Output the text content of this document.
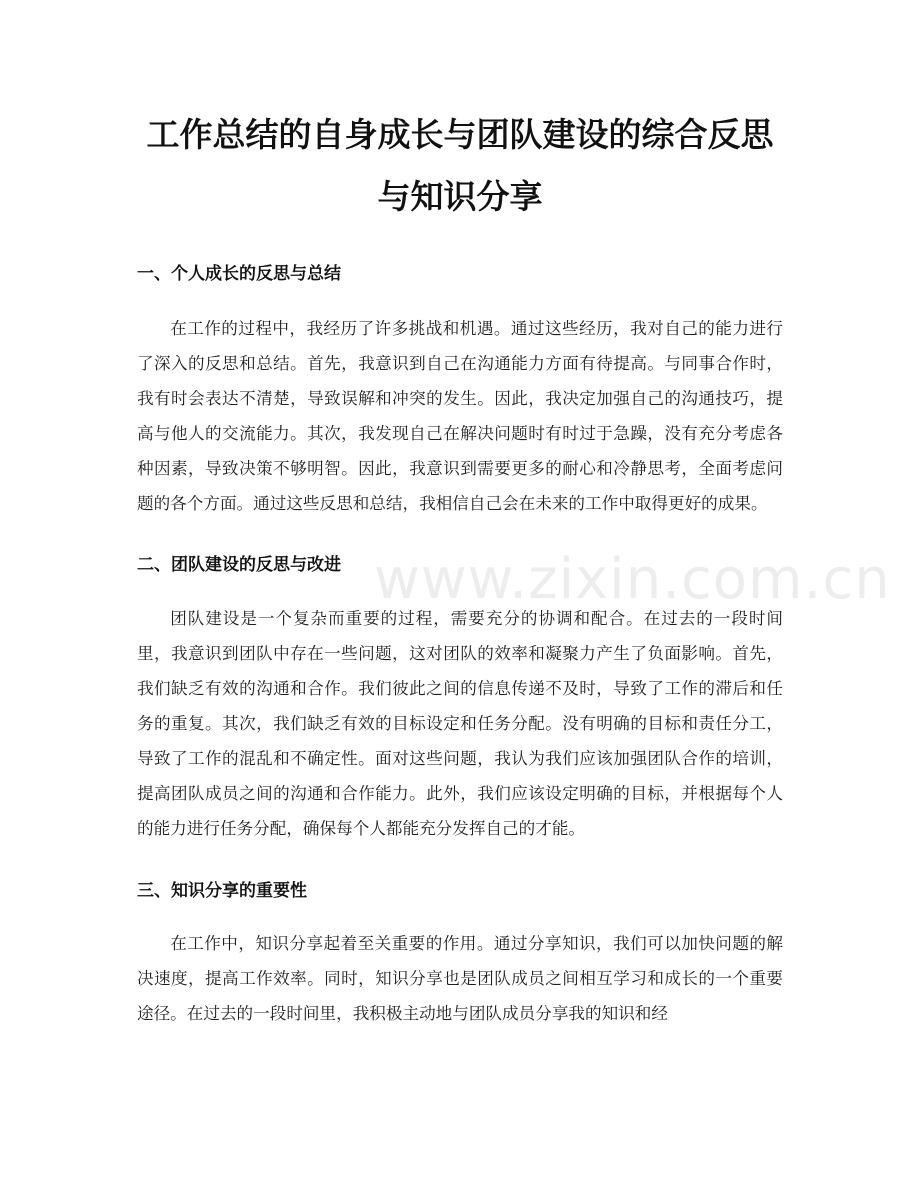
工作总结的自身成长与团队建设的综合反思与知识分享
一、个人成长的反思与总结

在工作的过程中，我经历了许多挑战和机遇。通过这些经历，我对自己的能力进行了深入的反思和总结。首先，我意识到自己在沟通能力方面有待提高。与同事合作时，我有时会表达不清楚，导致误解和冲突的发生。因此，我决定加强自己的沟通技巧，提高与他人的交流能力。其次，我发现自己在解决问题时有时过于急躁，没有充分考虑各种因素，导致决策不够明智。因此，我意识到需要更多的耐心和冷静思考，全面考虑问题的各个方面。通过这些反思和总结，我相信自己会在未来的工作中取得更好的成果。

二、团队建设的反思与改进

团队建设是一个复杂而重要的过程，需要充分的协调和配合。在过去的一段时间里，我意识到团队中存在一些问题，这对团队的效率和凝聚力产生了负面影响。首先，我们缺乏有效的沟通和合作。我们彼此之间的信息传递不及时，导致了工作的滞后和任务的重复。其次，我们缺乏有效的目标设定和任务分配。没有明确的目标和责任分工，导致了工作的混乱和不确定性。面对这些问题，我认为我们应该加强团队合作的培训，提高团队成员之间的沟通和合作能力。此外，我们应该设定明确的目标，并根据每个人的能力进行任务分配，确保每个人都能充分发挥自己的才能。

三、知识分享的重要性

在工作中，知识分享起着至关重要的作用。通过分享知识，我们可以加快问题的解决速度，提高工作效率。同时，知识分享也是团队成员之间相互学习和成长的一个重要途径。在过去的一段时间里，我积极主动地与团队成员分享我的知识和经

www.zixin.com.cn
